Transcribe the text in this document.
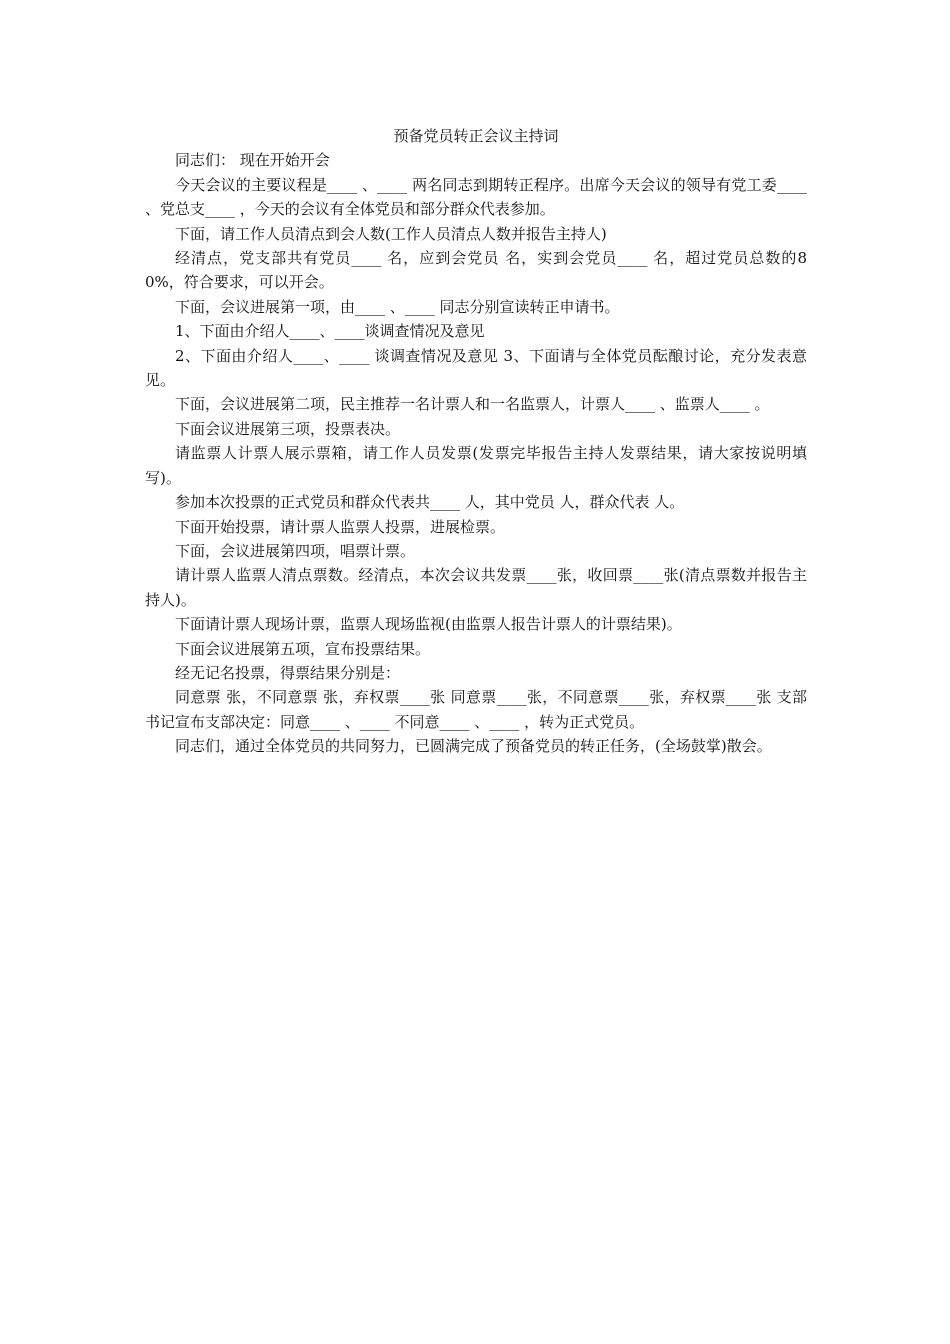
预备党员转正会议主持词

同志们： 现在开始开会

今天会议的主要议程是____ 、____ 两名同志到期转正程序。出席今天会议的领导有党工委____ 、党总支____ ，今天的会议有全体党员和部分群众代表参加。

下面，请工作人员清点到会人数(工作人员清点人数并报告主持人)

经清点，党支部共有党员____ 名，应到会党员 名，实到会党员____ 名，超过党员总数的80%，符合要求，可以开会。

下面，会议进展第一项，由____ 、____ 同志分别宣读转正申请书。

1、下面由介绍人____、____谈调查情况及意见

2、下面由介绍人____、____ 谈调查情况及意见 3、下面请与全体党员酝酿讨论，充分发表意见。

下面，会议进展第二项，民主推荐一名计票人和一名监票人，计票人____ 、监票人____ 。

下面会议进展第三项，投票表决。

请监票人计票人展示票箱，请工作人员发票(发票完毕报告主持人发票结果，请大家按说明填写)。

参加本次投票的正式党员和群众代表共____ 人，其中党员 人，群众代表 人。

下面开始投票，请计票人监票人投票，进展检票。

下面，会议进展第四项，唱票计票。

请计票人监票人清点票数。经清点，本次会议共发票____张，收回票____张(清点票数并报告主持人)。

下面请计票人现场计票，监票人现场监视(由监票人报告计票人的计票结果)。

下面会议进展第五项，宣布投票结果。

经无记名投票，得票结果分别是：

同意票 张，不同意票 张，弃权票____张 同意票____张，不同意票____张，弃权票____张 支部书记宣布支部决定：同意____ 、____ 不同意____ 、____ ，转为正式党员。

同志们，通过全体党员的共同努力，已圆满完成了预备党员的转正任务，(全场鼓掌)散会。
